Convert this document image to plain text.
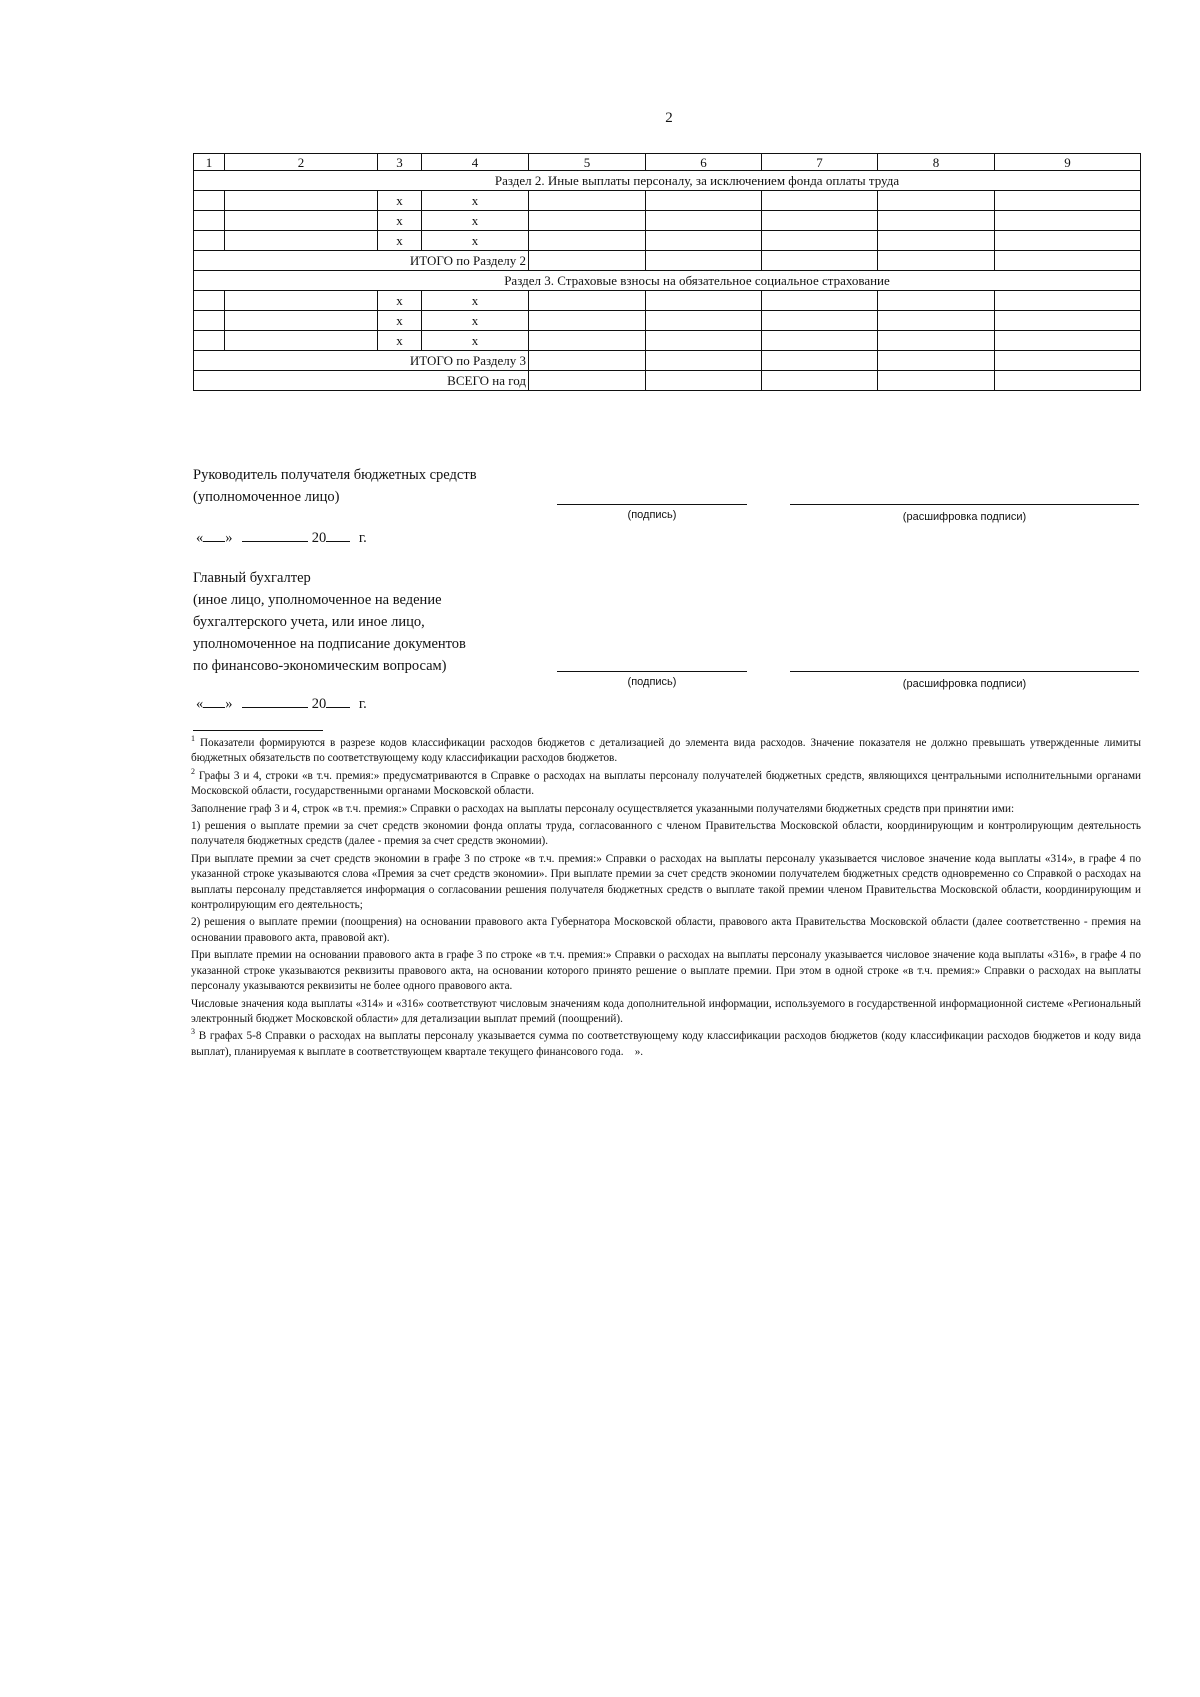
2
1	2	3	4	5	6	7	8	9
Раздел 2. Иные выплаты персоналу, за исключением фонда оплаты труда								
		x	x					
		x	x					
		x	x					
ИТОГО по Разделу 2								
Раздел 3. Страховые взносы на обязательное социальное страхование								
		x	x					
		x	x					
		x	x					
ИТОГО по Разделу 3								
ВСЕГО на год								
Руководитель получателя бюджетных средств
(уполномоченное лицо)
(подпись)	(расшифровка подписи)
« »	20 г.
Главный бухгалтер
(иное лицо, уполномоченное на ведение
бухгалтерского учета, или иное лицо,
уполномоченное на подписание документов
по финансово-экономическим вопросам)
(подпись)	(расшифровка подписи)
« »	20 г.

$^1$ Показатели формируются в разрезе кодов классификации расходов бюджетов с детализацией до элемента вида расходов. Значение показателя не должно превышать утвержденные лимиты бюджетных обязательств по соответствующему коду классификации расходов бюджетов.

$^2$ Графы 3 и 4, строки «в т.ч. премия:» предусматриваются в Справке о расходах на выплаты персоналу получателей бюджетных средств, являющихся центральными исполнительными органами Московской области, государственными органами Московской области.

Заполнение граф 3 и 4, строк «в т.ч. премия:» Справки о расходах на выплаты персоналу осуществляется указанными получателями бюджетных средств при принятии ими:

1) решения о выплате премии за счет средств экономии фонда оплаты труда, согласованного с членом Правительства Московской области, координирующим и контролирующим деятельность получателя бюджетных средств (далее - премия за счет средств экономии).

При выплате премии за счет средств экономии в графе 3 по строке «в т.ч. премия:» Справки о расходах на выплаты персоналу указывается числовое значение кода выплаты «314», в графе 4 по указанной строке указываются слова «Премия за счет средств экономии». При выплате премии за счет средств экономии получателем бюджетных средств одновременно со Справкой о расходах на выплаты персоналу представляется информация о согласовании решения получателя бюджетных средств о выплате такой премии членом Правительства Московской области, координирующим и контролирующим его деятельность;

2) решения о выплате премии (поощрения) на основании правового акта Губернатора Московской области, правового акта Правительства Московской области (далее соответственно - премия на основании правового акта, правовой акт).

При выплате премии на основании правового акта в графе 3 по строке «в т.ч. премия:» Справки о расходах на выплаты персоналу указывается числовое значение кода выплаты «316», в графе 4 по указанной строке указываются реквизиты правового акта, на основании которого принято решение о выплате премии. При этом в одной строке «в т.ч. премия:» Справки о расходах на выплаты персоналу указываются реквизиты не более одного правового акта.

Числовые значения кода выплаты «314» и «316» соответствуют числовым значениям кода дополнительной информации, используемого в государственной информационной системе «Региональный электронный бюджет Московской области» для детализации выплат премий (поощрений).

$^3$ В графах 5-8 Справки о расходах на выплаты персоналу указывается сумма по соответствующему коду классификации расходов бюджетов (коду классификации расходов бюджетов и коду вида выплат), планируемая к выплате в соответствующем квартале текущего финансового года. ».
